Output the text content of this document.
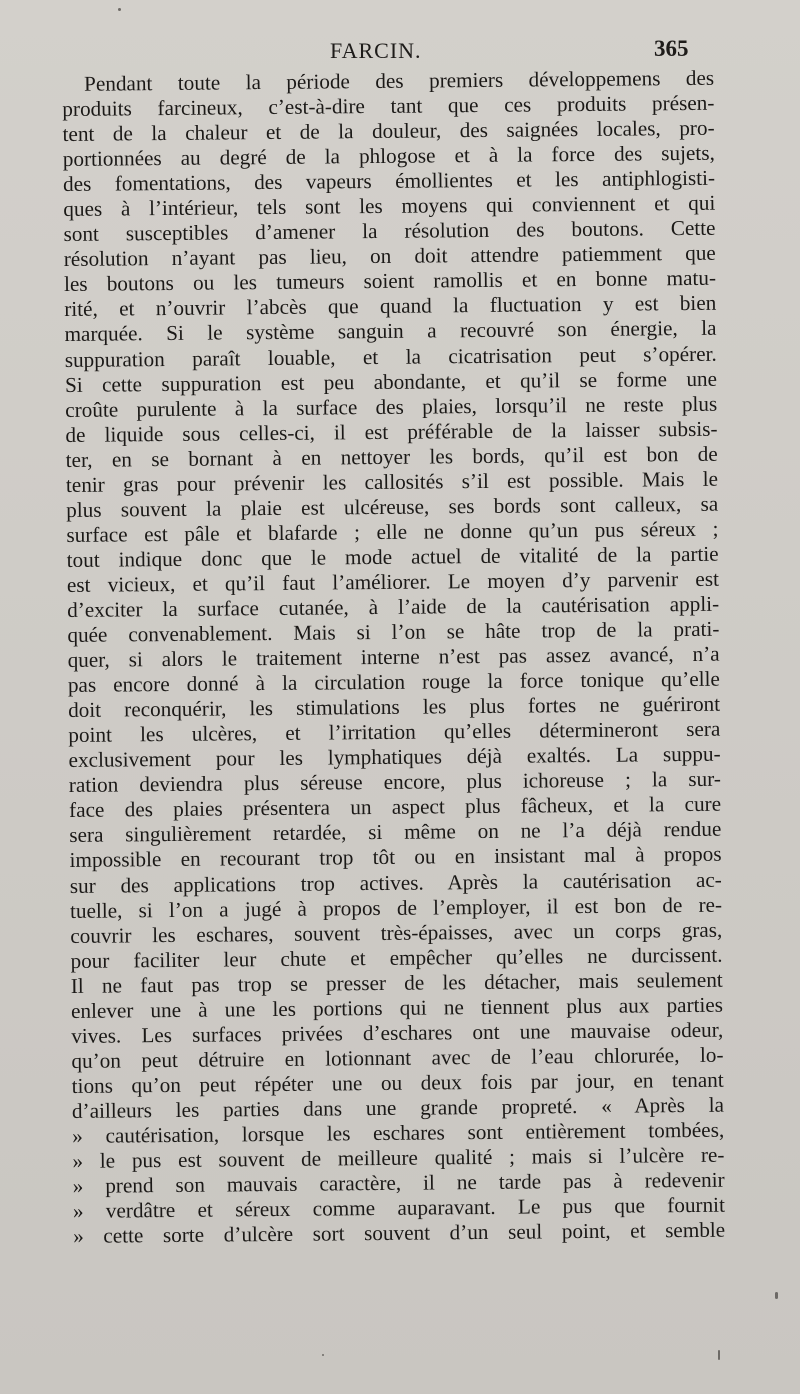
FARCIN.	365
Pendant toute la période des premiers développemens des
produits farcineux, c’est-à-dire tant que ces produits présen-
tent de la chaleur et de la douleur, des saignées locales, pro-
portionnées au degré de la phlogose et à la force des sujets,
des fomentations, des vapeurs émollientes et les antiphlogisti-
ques à l’intérieur, tels sont les moyens qui conviennent et qui
sont susceptibles d’amener la résolution des boutons. Cette
résolution n’ayant pas lieu, on doit attendre patiemment que
les boutons ou les tumeurs soient ramollis et en bonne matu-
rité, et n’ouvrir l’abcès que quand la fluctuation y est bien
marquée. Si le système sanguin a recouvré son énergie, la
suppuration paraît louable, et la cicatrisation peut s’opérer.
Si cette suppuration est peu abondante, et qu’il se forme une
croûte purulente à la surface des plaies, lorsqu’il ne reste plus
de liquide sous celles-ci, il est préférable de la laisser subsis-
ter, en se bornant à en nettoyer les bords, qu’il est bon de
tenir gras pour prévenir les callosités s’il est possible. Mais le
plus souvent la plaie est ulcéreuse, ses bords sont calleux, sa
surface est pâle et blafarde ; elle ne donne qu’un pus séreux ;
tout indique donc que le mode actuel de vitalité de la partie
est vicieux, et qu’il faut l’améliorer. Le moyen d’y parvenir est
d’exciter la surface cutanée, à l’aide de la cautérisation appli-
quée convenablement. Mais si l’on se hâte trop de la prati-
quer, si alors le traitement interne n’est pas assez avancé, n’a
pas encore donné à la circulation rouge la force tonique qu’elle
doit reconquérir, les stimulations les plus fortes ne guériront
point les ulcères, et l’irritation qu’elles détermineront sera
exclusivement pour les lymphatiques déjà exaltés. La suppu-
ration deviendra plus séreuse encore, plus ichoreuse ; la sur-
face des plaies présentera un aspect plus fâcheux, et la cure
sera singulièrement retardée, si même on ne l’a déjà rendue
impossible en recourant trop tôt ou en insistant mal à propos
sur des applications trop actives. Après la cautérisation ac-
tuelle, si l’on a jugé à propos de l’employer, il est bon de re-
couvrir les eschares, souvent très-épaisses, avec un corps gras,
pour faciliter leur chute et empêcher qu’elles ne durcissent.
Il ne faut pas trop se presser de les détacher, mais seulement
enlever une à une les portions qui ne tiennent plus aux parties
vives. Les surfaces privées d’eschares ont une mauvaise odeur,
qu’on peut détruire en lotionnant avec de l’eau chlorurée, lo-
tions qu’on peut répéter une ou deux fois par jour, en tenant
d’ailleurs les parties dans une grande propreté. « Après la
» cautérisation, lorsque les eschares sont entièrement tombées,
» le pus est souvent de meilleure qualité ; mais si l’ulcère re-
» prend son mauvais caractère, il ne tarde pas à redevenir
» verdâtre et séreux comme auparavant. Le pus que fournit
» cette sorte d’ulcère sort souvent d’un seul point, et semble
